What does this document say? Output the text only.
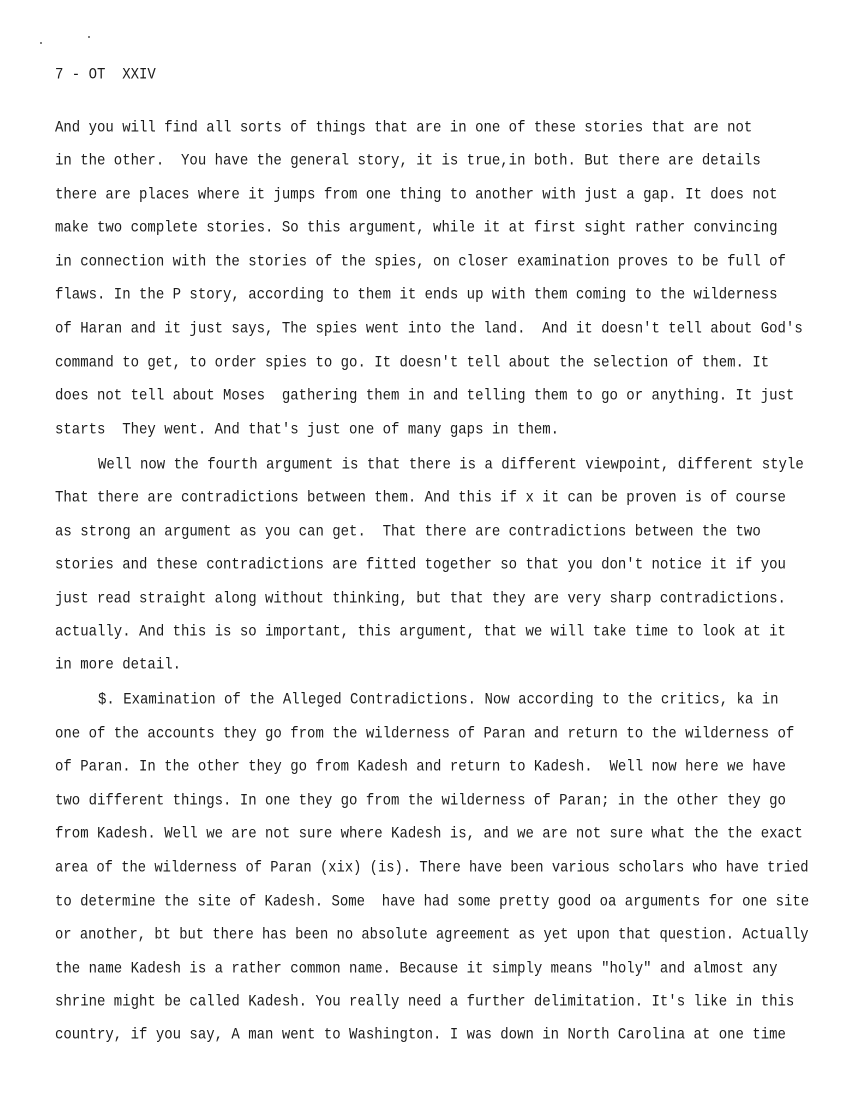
7 - OT  XXIV
And you will find all sorts of things that are in one of these stories that are not
in the other.  You have the general story, it is true,in both. But there are details
there are places where it jumps from one thing to another with just a gap. It does not
make two complete stories. So this argument, while it at first sight rather convincing
in connection with the stories of the spies, on closer examination proves to be full of
flaws. In the P story, according to them it ends up with them coming to the wilderness
of Haran and it just says, The spies went into the land.  And it doesn't tell about God's
command to get, to order spies to go. It doesn't tell about the selection of them. It
does not tell about Moses  gathering them in and telling them to go or anything. It just
starts  They went. And that's just one of many gaps in them.
Well now the fourth argument is that there is a different viewpoint, different style
That there are contradictions between them. And this if x it can be proven is of course
as strong an argument as you can get.  That there are contradictions between the two
stories and these contradictions are fitted together so that you don't notice it if you
just read straight along without thinking, but that they are very sharp contradictions.
actually. And this is so important, this argument, that we will take time to look at it
in more detail.
$. Examination of the Alleged Contradictions. Now according to the critics, ka in
one of the accounts they go from the wilderness of Paran and return to the wilderness of
of Paran. In the other they go from Kadesh and return to Kadesh.  Well now here we have
two different things. In one they go from the wilderness of Paran; in the other they go
from Kadesh. Well we are not sure where Kadesh is, and we are not sure what the the exact
area of the wilderness of Paran (xix) (is). There have been various scholars who have tried
to determine the site of Kadesh. Some  have had some pretty good oa arguments for one site
or another, bt but there has been no absolute agreement as yet upon that question. Actually
the name Kadesh is a rather common name. Because it simply means "holy" and almost any
shrine might be called Kadesh. You really need a further delimitation. It's like in this
country, if you say, A man went to Washington. I was down in North Carolina at one time
